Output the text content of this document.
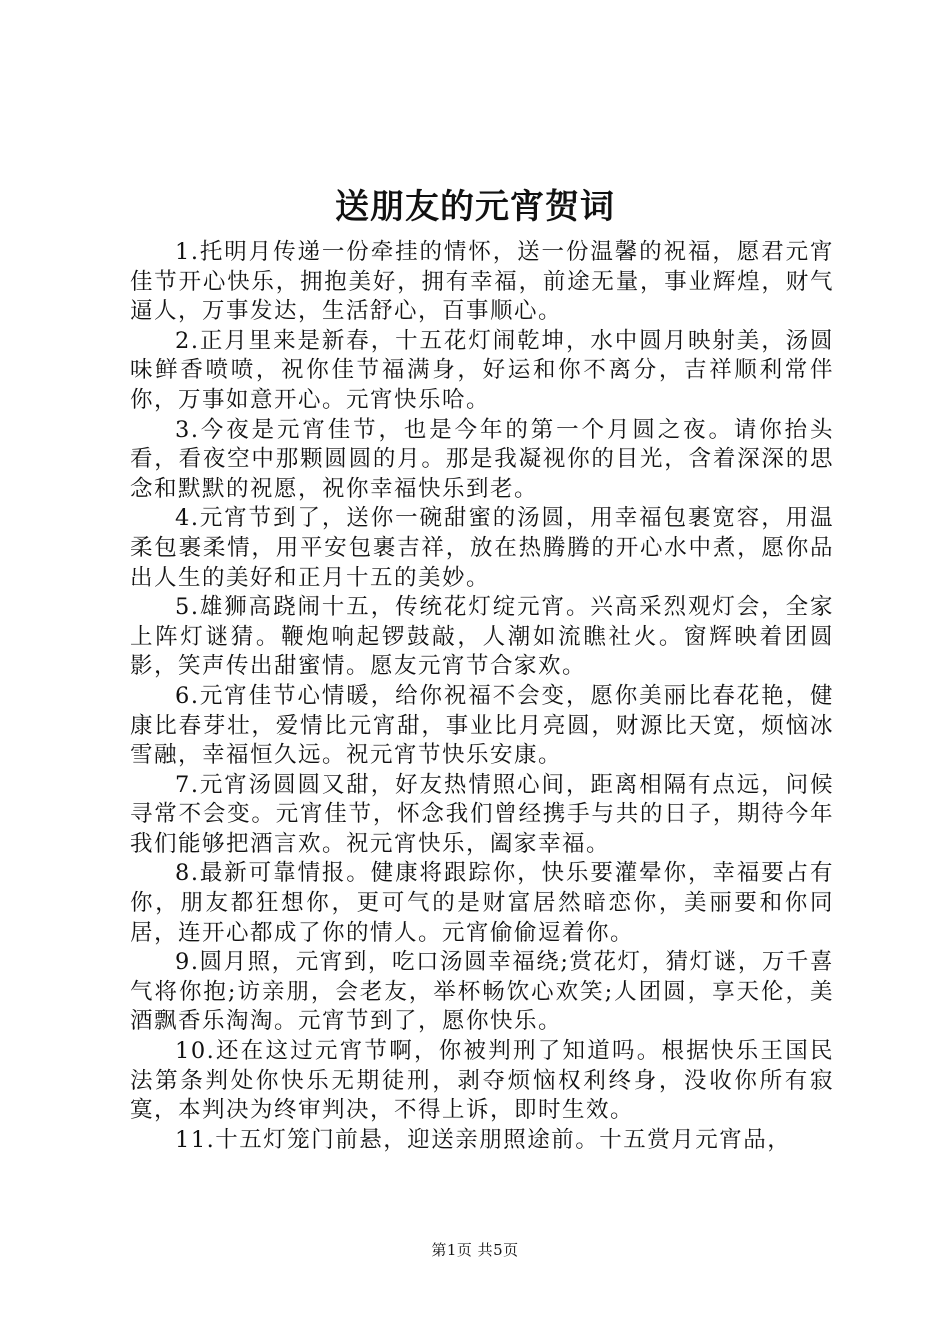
送朋友的元宵贺词

1.托明月传递一份牵挂的情怀，送一份温馨的祝福，愿君元宵佳节开心快乐，拥抱美好，拥有幸福，前途无量，事业辉煌，财气逼人，万事发达，生活舒心，百事顺心。

2.正月里来是新春，十五花灯闹乾坤，水中圆月映射美，汤圆味鲜香喷喷，祝你佳节福满身，好运和你不离分，吉祥顺利常伴你，万事如意开心。元宵快乐哈。

3.今夜是元宵佳节，也是今年的第一个月圆之夜。请你抬头看，看夜空中那颗圆圆的月。那是我凝视你的目光，含着深深的思念和默默的祝愿，祝你幸福快乐到老。

4.元宵节到了，送你一碗甜蜜的汤圆，用幸福包裹宽容，用温柔包裹柔情，用平安包裹吉祥，放在热腾腾的开心水中煮，愿你品出人生的美好和正月十五的美妙。

5.雄狮高跷闹十五，传统花灯绽元宵。兴高采烈观灯会，全家上阵灯谜猜。鞭炮响起锣鼓敲，人潮如流瞧社火。窗辉映着团圆影，笑声传出甜蜜情。愿友元宵节合家欢。

6.元宵佳节心情暖，给你祝福不会变，愿你美丽比春花艳，健康比春芽壮，爱情比元宵甜，事业比月亮圆，财源比天宽，烦恼冰雪融，幸福恒久远。祝元宵节快乐安康。

7.元宵汤圆圆又甜，好友热情照心间，距离相隔有点远，问候寻常不会变。元宵佳节，怀念我们曾经携手与共的日子，期待今年我们能够把酒言欢。祝元宵快乐，阖家幸福。

8.最新可靠情报。健康将跟踪你，快乐要灌晕你，幸福要占有你，朋友都狂想你，更可气的是财富居然暗恋你，美丽要和你同居，连开心都成了你的情人。元宵偷偷逗着你。

9.圆月照，元宵到，吃口汤圆幸福绕;赏花灯，猜灯谜，万千喜气将你抱;访亲朋，会老友，举杯畅饮心欢笑;人团圆，享天伦，美酒飘香乐淘淘。元宵节到了，愿你快乐。

10.还在这过元宵节啊，你被判刑了知道吗。根据快乐王国民法第条判处你快乐无期徒刑，剥夺烦恼权利终身，没收你所有寂寞，本判决为终审判决，不得上诉，即时生效。

11.十五灯笼门前悬，迎送亲朋照途前。十五赏月元宵品，

第1页 共5页
